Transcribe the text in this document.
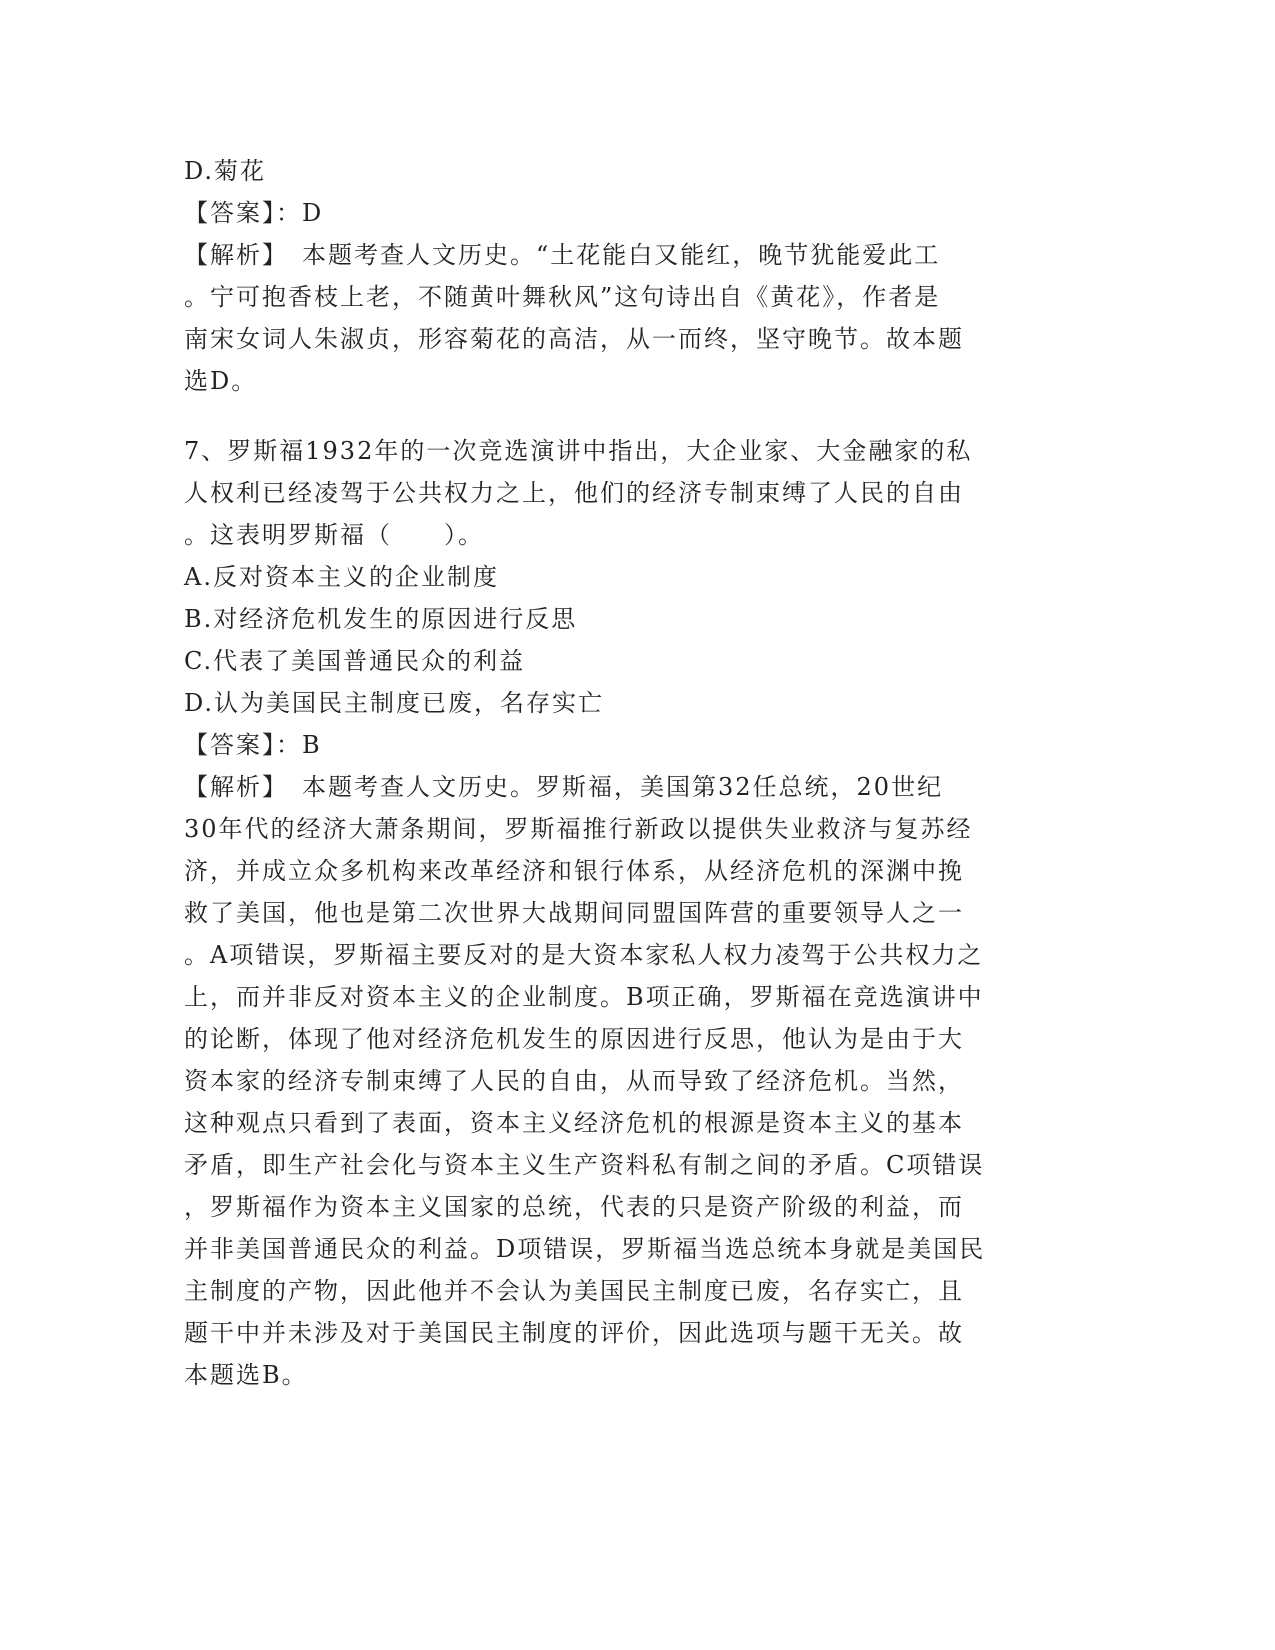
D.菊花
【答案】：D
【解析】　本题考查人文历史。“土花能白又能红，晚节犹能爱此工
。宁可抱香枝上老，不随黄叶舞秋风”这句诗出自《黄花》，作者是
南宋女词人朱淑贞，形容菊花的高洁，从一而终，坚守晚节。故本题
选D。
7、罗斯福1932年的一次竞选演讲中指出，大企业家、大金融家的私
人权利已经凌驾于公共权力之上，他们的经济专制束缚了人民的自由
。这表明罗斯福（　　）。
A.反对资本主义的企业制度
B.对经济危机发生的原因进行反思
C.代表了美国普通民众的利益
D.认为美国民主制度已废，名存实亡
【答案】：B
【解析】　本题考查人文历史。罗斯福，美国第32任总统，20世纪
30年代的经济大萧条期间，罗斯福推行新政以提供失业救济与复苏经
济，并成立众多机构来改革经济和银行体系，从经济危机的深渊中挽
救了美国，他也是第二次世界大战期间同盟国阵营的重要领导人之一
。A项错误，罗斯福主要反对的是大资本家私人权力凌驾于公共权力之
上，而并非反对资本主义的企业制度。B项正确，罗斯福在竞选演讲中
的论断，体现了他对经济危机发生的原因进行反思，他认为是由于大
资本家的经济专制束缚了人民的自由，从而导致了经济危机。当然，
这种观点只看到了表面，资本主义经济危机的根源是资本主义的基本
矛盾，即生产社会化与资本主义生产资料私有制之间的矛盾。C项错误
，罗斯福作为资本主义国家的总统，代表的只是资产阶级的利益，而
并非美国普通民众的利益。D项错误，罗斯福当选总统本身就是美国民
主制度的产物，因此他并不会认为美国民主制度已废，名存实亡，且
题干中并未涉及对于美国民主制度的评价，因此选项与题干无关。故
本题选B。
